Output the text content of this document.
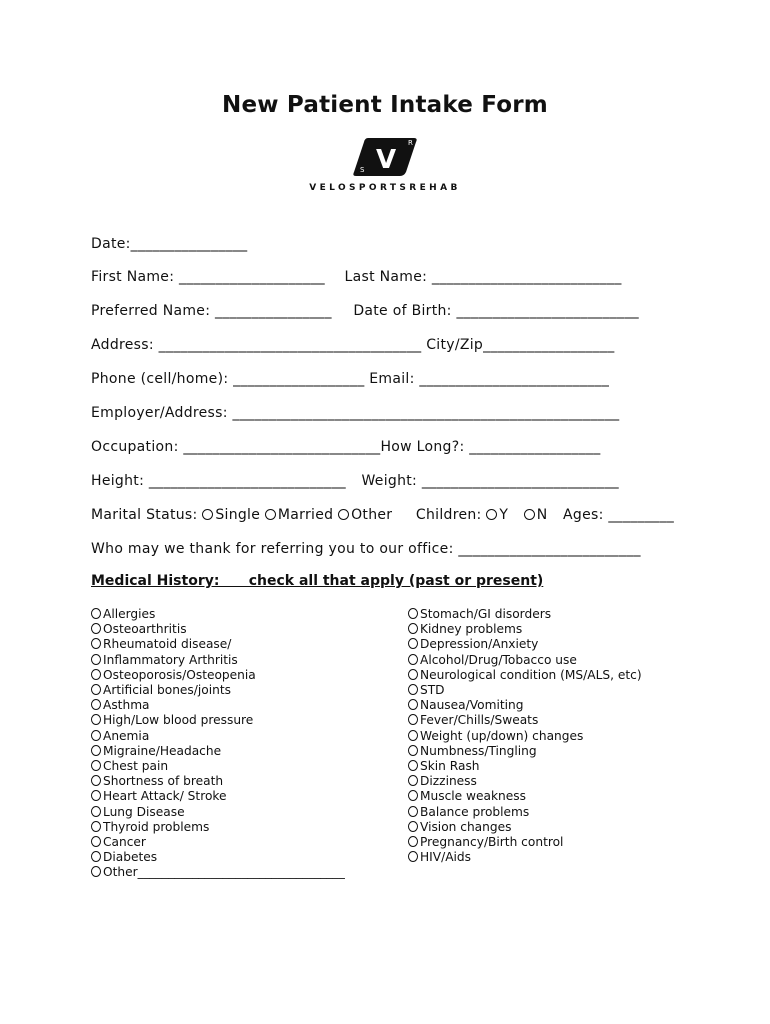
New Patient Intake Form
V
S
R
VELOSPORTSREHAB
Date:________________
First Name: ____________________ Last Name: __________________________
Preferred Name: ________________ Date of Birth: _________________________
Address: ____________________________________ City/Zip__________________
Phone (cell/home): __________________ Email: __________________________
Employer/Address: _____________________________________________________
Occupation: ___________________________How Long?: __________________
Height: ___________________________ Weight: ___________________________
Marital Status: Single Married Other Children: Y N Ages: _________
Who may we thank for referring you to our office: _________________________
Medical History:      check all that apply (past or present)
Allergies
Osteoarthritis
Rheumatoid disease/
Inflammatory Arthritis
Osteoporosis/Osteopenia
Artificial bones/joints
Asthma
High/Low blood pressure
Anemia
Migraine/Headache
Chest pain
Shortness of breath
Heart Attack/ Stroke
Lung Disease
Thyroid problems
Cancer
Diabetes
Other__________________________________
Stomach/GI disorders
Kidney problems
Depression/Anxiety
Alcohol/Drug/Tobacco use
Neurological condition (MS/ALS, etc)
STD
Nausea/Vomiting
Fever/Chills/Sweats
Weight (up/down) changes
Numbness/Tingling
Skin Rash
Dizziness
Muscle weakness
Balance problems
Vision changes
Pregnancy/Birth control
HIV/Aids
